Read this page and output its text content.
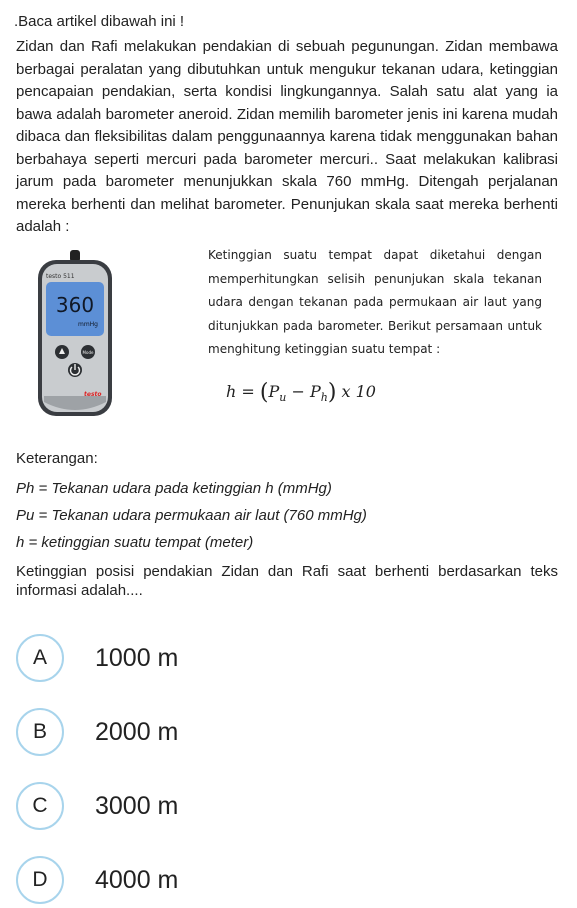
.Baca artikel dibawah ini !
Zidan dan Rafi melakukan pendakian di sebuah pegunungan. Zidan membawa berbagai peralatan yang dibutuhkan untuk mengukur tekanan udara, ketinggian pencapaian pendakian, serta kondisi lingkungannya. Salah satu alat yang ia bawa adalah barometer aneroid. Zidan memilih barometer jenis ini karena mudah dibaca dan fleksibilitas dalam penggunaannya karena tidak menggunakan bahan berbahaya seperti mercuri pada barometer mercuri.. Saat melakukan kalibrasi jarum pada barometer menunjukkan skala 760 mmHg. Ditengah perjalanan mereka berhenti dan melihat barometer. Penunjukan skala saat mereka berhenti adalah :
testo 511
360
mmHg
Mode
testo
Ketinggian suatu tempat dapat diketahui dengan memperhitungkan selisih penunjukan skala tekanan udara dengan tekanan pada permukaan air laut yang ditunjukkan pada barometer. Berikut persamaan untuk menghitung ketinggian suatu tempat :
$h = (P_u - P_h)$ x 10
Keterangan:
Ph = Tekanan udara pada ketinggian h (mmHg)
Pu = Tekanan udara permukaan air laut (760 mmHg)
h = ketinggian suatu tempat (meter)
Ketinggian posisi pendakian Zidan dan Rafi saat berhenti berdasarkan teks informasi adalah....
A	1000 m
B	2000 m
C	3000 m
D	4000 m
